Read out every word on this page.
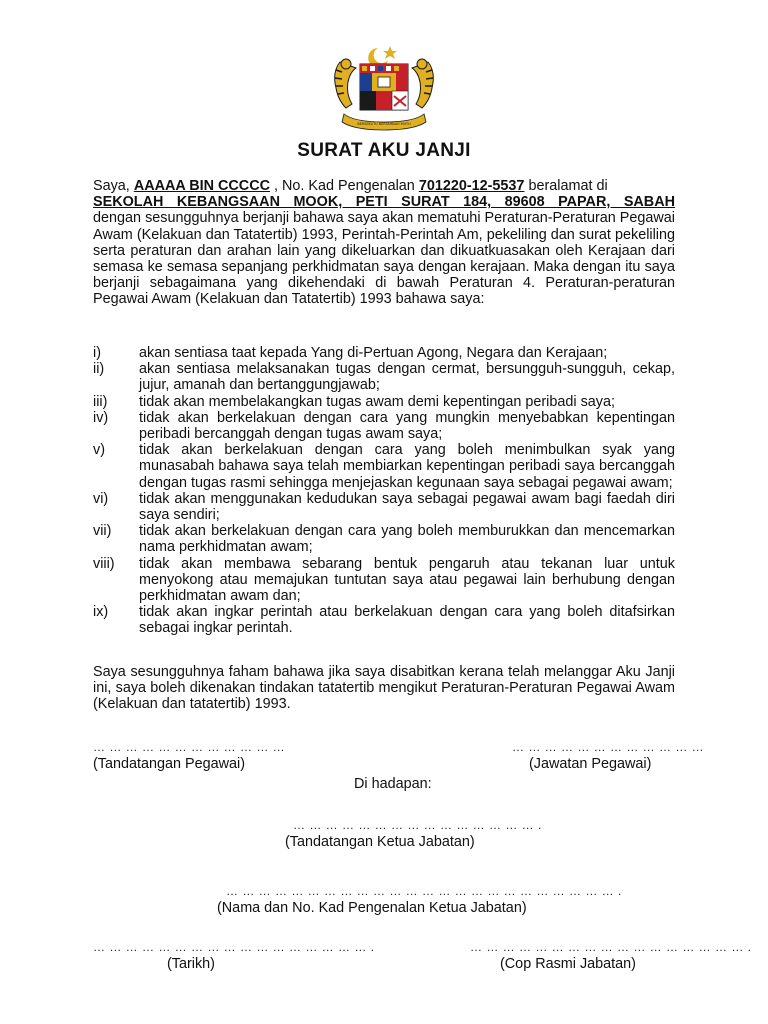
BERSEKUTU BERTAMBAH MUTU
SURAT AKU JANJI
Saya, AAAAA BIN CCCCC , No. Kad Pengenalan 701220-12-5537 beralamat di
SEKOLAH KEBANGSAAN MOOK, PETI SURAT 184, 89608 PAPAR, SABAH
dengan sesungguhnya berjanji bahawa saya akan mematuhi Peraturan-Peraturan Pegawai Awam (Kelakuan dan Tatatertib) 1993, Perintah-Perintah Am, pekeliling dan surat pekeliling serta peraturan dan arahan lain yang dikeluarkan dan dikuatkuasakan oleh Kerajaan dari semasa ke semasa sepanjang perkhidmatan saya dengan kerajaan. Maka dengan itu saya berjanji sebagaimana yang dikehendaki di bawah Peraturan 4. Peraturan-peraturan Pegawai Awam (Kelakuan dan Tatatertib) 1993 bahawa saya:
i)	akan sentiasa taat kepada Yang di-Pertuan Agong, Negara dan Kerajaan;
ii)	akan sentiasa melaksanakan tugas dengan cermat, bersungguh-sungguh, cekap, jujur, amanah dan bertanggungjawab;
iii)	tidak akan membelakangkan tugas awam demi kepentingan peribadi saya;
iv)	tidak akan berkelakuan dengan cara yang mungkin menyebabkan kepentingan peribadi bercanggah dengan tugas awam saya;
v)	tidak akan berkelakuan dengan cara yang boleh menimbulkan syak yang munasabah bahawa saya telah membiarkan kepentingan peribadi saya bercanggah dengan tugas rasmi sehingga menjejaskan kegunaan saya sebagai pegawai awam;
vi)	tidak akan menggunakan kedudukan saya sebagai pegawai awam bagi faedah diri saya sendiri;
vii)	tidak akan berkelakuan dengan cara yang boleh memburukkan dan mencemarkan nama perkhidmatan awam;
viii)	tidak akan membawa sebarang bentuk pengaruh atau tekanan luar untuk menyokong atau memajukan tuntutan saya atau pegawai lain berhubung dengan perkhidmatan awam dan;
ix)	tidak akan ingkar perintah atau berkelakuan dengan cara yang boleh ditafsirkan sebagai ingkar perintah.
Saya sesungguhnya faham bahawa jika saya disabitkan kerana telah melanggar Aku Janji ini, saya boleh dikenakan tindakan tatatertib mengikut Peraturan-Peraturan Pegawai Awam (Kelakuan dan tatatertib) 1993.
… … … … … … … … … … … …	… … … … … … … … … … … …
(Tandatangan Pegawai)	(Jawatan Pegawai)
Di hadapan:
… … … … … … … … … … … … … … … .
(Tandatangan Ketua Jabatan)
… … … … … … … … … … … … … … … … … … … … … … … … .
(Nama dan No. Kad Pengenalan Ketua Jabatan)
… … … … … … … … … … … … … … … … … .	… … … … … … … … … … … … … … … … … .
(Tarikh)	(Cop Rasmi Jabatan)
